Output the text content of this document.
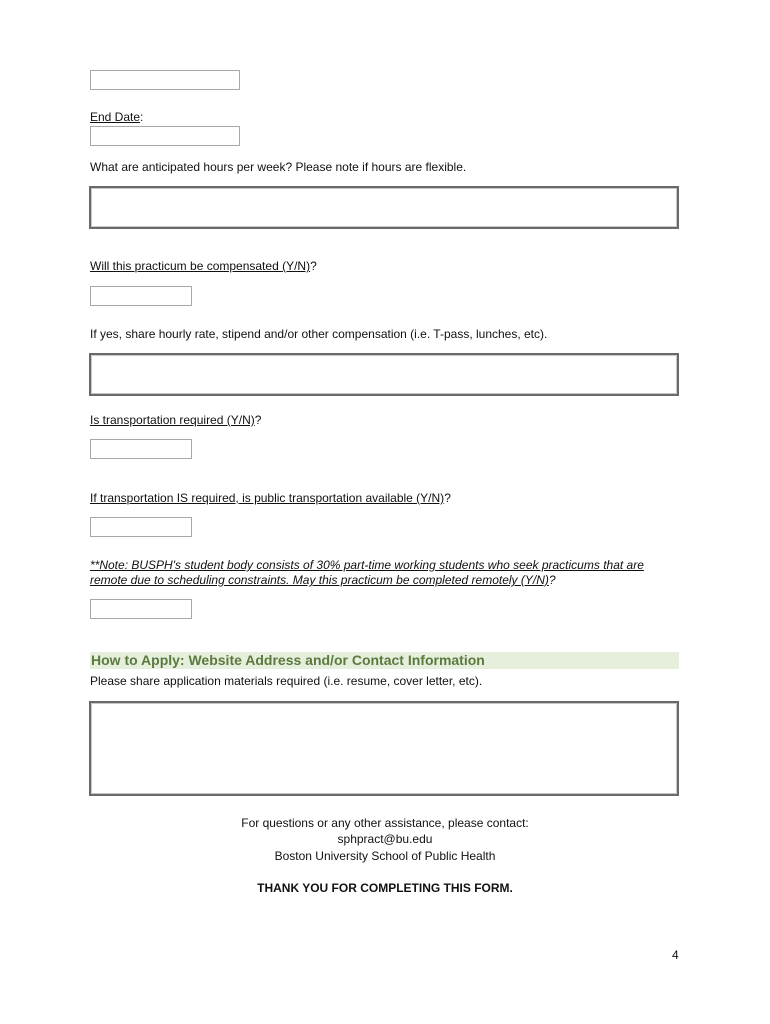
End Date:
What are anticipated hours per week? Please note if hours are flexible.
Will this practicum be compensated (Y/N)?
If yes, share hourly rate, stipend and/or other compensation (i.e. T-pass, lunches, etc).
Is transportation required (Y/N)?
If transportation IS required, is public transportation available (Y/N)?
**Note: BUSPH's student body consists of 30% part-time working students who seek practicums that are
remote due to scheduling constraints. May this practicum be completed remotely (Y/N)?
How to Apply: Website Address and/or Contact Information
Please share application materials required (i.e. resume, cover letter, etc).
For questions or any other assistance, please contact:
sphpract@bu.edu
Boston University School of Public Health
THANK YOU FOR COMPLETING THIS FORM.
4
